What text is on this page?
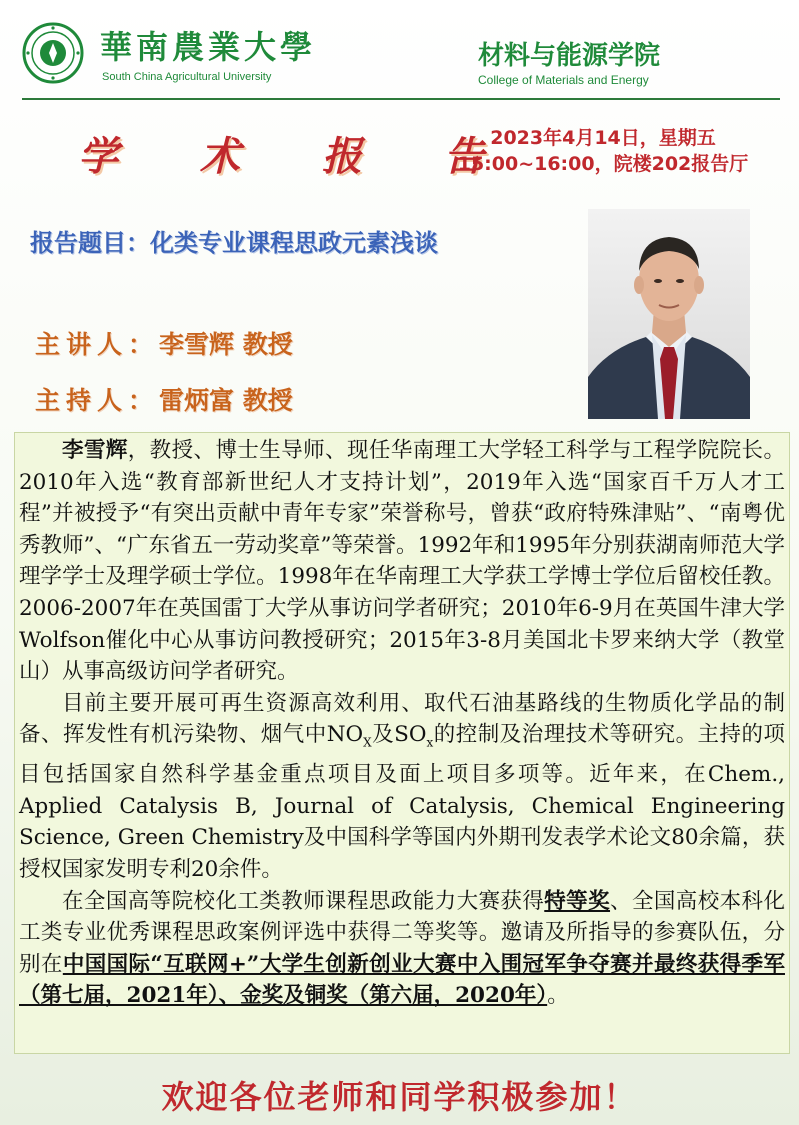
華南農業大學
South China Agricultural University
材料与能源学院
College of Materials and Energy
学 术 报 告
2023年4月14日，星期五
15:00~16:00，院楼202报告厅
报告题目：化类专业课程思政元素浅谈
主讲人：李雪辉 教授
主持人：雷炳富 教授

李雪辉，教授、博士生导师、现任华南理工大学轻工科学与工程学院院长。2010年入选“教育部新世纪人才支持计划”，2019年入选“国家百千万人才工程”并被授予“有突出贡献中青年专家”荣誉称号，曾获“政府特殊津贴”、“南粤优秀教师”、“广东省五一劳动奖章”等荣誉。1992年和1995年分别获湖南师范大学理学学士及理学硕士学位。1998年在华南理工大学获工学博士学位后留校任教。2006-2007年在英国雷丁大学从事访问学者研究；2010年6-9月在英国牛津大学Wolfson催化中心从事访问教授研究；2015年3-8月美国北卡罗来纳大学（教堂山）从事高级访问学者研究。

目前主要开展可再生资源高效利用、取代石油基路线的生物质化学品的制备、挥发性有机污染物、烟气中$NO_X$及$SO_x$的控制及治理技术等研究。主持的项目包括国家自然科学基金重点项目及面上项目多项等。近年来，在Chem., Applied Catalysis B, Journal of Catalysis, Chemical Engineering Science, Green Chemistry及中国科学等国内外期刊发表学术论文80余篇，获授权国家发明专利20余件。

在全国高等院校化工类教师课程思政能力大赛获得特等奖、全国高校本科化工类专业优秀课程思政案例评选中获得二等奖等。邀请及所指导的参赛队伍，分别在中国国际“互联网+”大学生创新创业大赛中入围冠军争夺赛并最终获得季军（第七届，2021年）、金奖及铜奖（第六届，2020年）。

欢迎各位老师和同学积极参加！
